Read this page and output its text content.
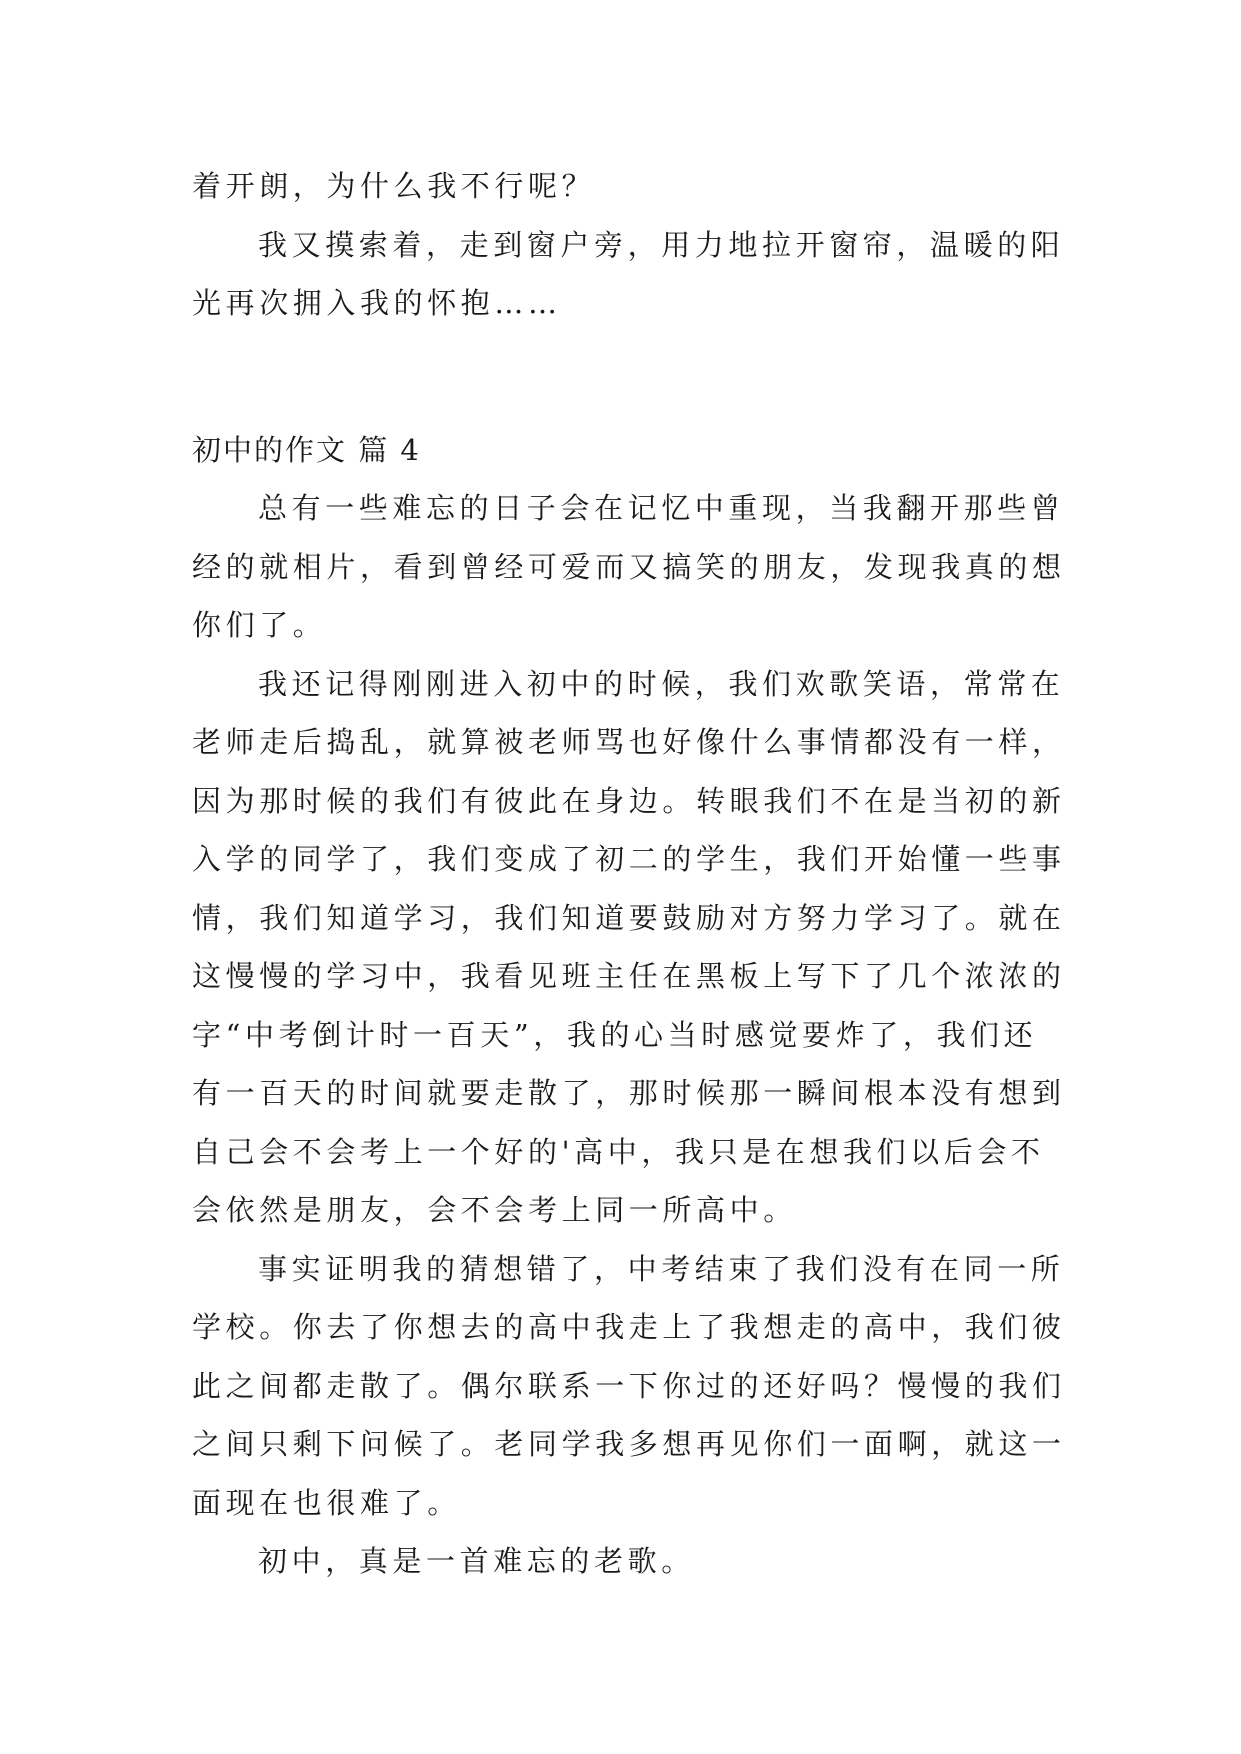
着开朗，为什么我不行呢？
我又摸索着，走到窗户旁，用力地拉开窗帘，温暖的阳
光再次拥入我的怀抱……
初中的作文 篇 4
总有一些难忘的日子会在记忆中重现，当我翻开那些曾
经的就相片，看到曾经可爱而又搞笑的朋友，发现我真的想
你们了。
我还记得刚刚进入初中的时候，我们欢歌笑语，常常在
老师走后捣乱，就算被老师骂也好像什么事情都没有一样，
因为那时候的我们有彼此在身边。转眼我们不在是当初的新
入学的同学了，我们变成了初二的学生，我们开始懂一些事
情，我们知道学习，我们知道要鼓励对方努力学习了。就在
这慢慢的学习中，我看见班主任在黑板上写下了几个浓浓的
字“中考倒计时一百天”，我的心当时感觉要炸了，我们还
有一百天的时间就要走散了，那时候那一瞬间根本没有想到
自己会不会考上一个好的'高中，我只是在想我们以后会不
会依然是朋友，会不会考上同一所高中。
事实证明我的猜想错了，中考结束了我们没有在同一所
学校。你去了你想去的高中我走上了我想走的高中，我们彼
此之间都走散了。偶尔联系一下你过的还好吗？慢慢的我们
之间只剩下问候了。老同学我多想再见你们一面啊，就这一
面现在也很难了。
初中，真是一首难忘的老歌。
